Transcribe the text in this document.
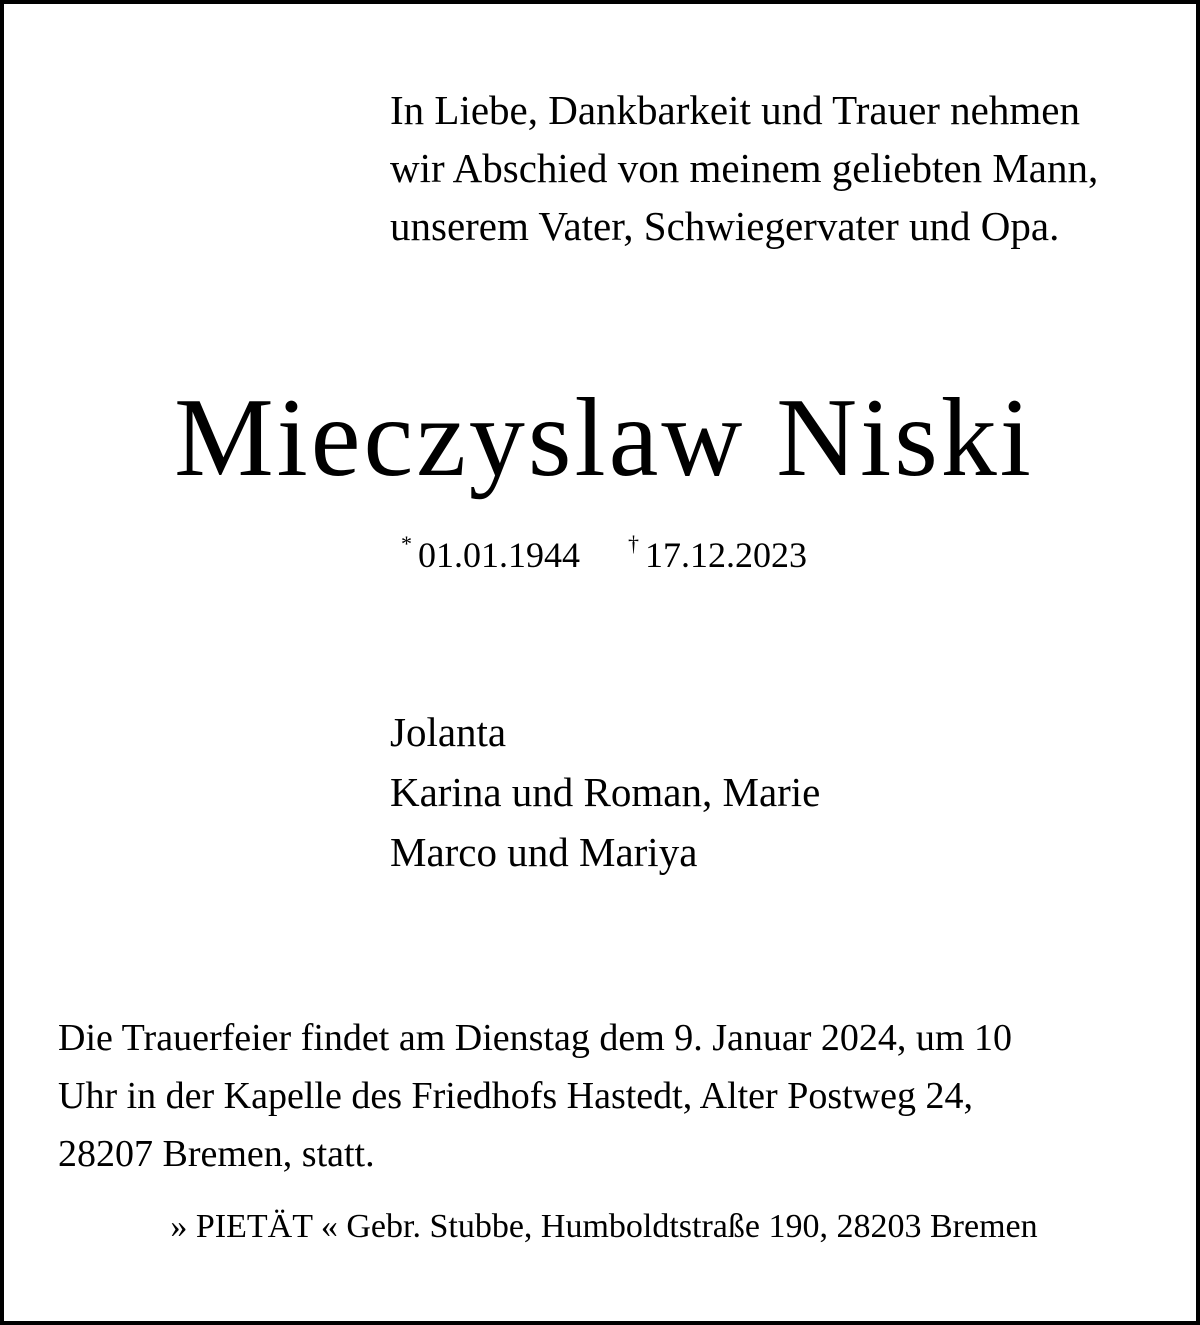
In Liebe, Dankbarkeit und Trauer nehmen
wir Abschied von meinem geliebten Mann,
unserem Vater, Schwiegervater und Opa.
Mieczyslaw Niski
* 01.01.1944 † 17.12.2023
Jolanta
Karina und Roman, Marie
Marco und Mariya
Die Trauerfeier findet am Dienstag dem 9. Januar 2024, um 10
Uhr in der Kapelle des Friedhofs Hastedt, Alter Postweg 24,
28207 Bremen, statt.
» PIETÄT « Gebr. Stubbe, Humboldtstraße 190, 28203 Bremen
